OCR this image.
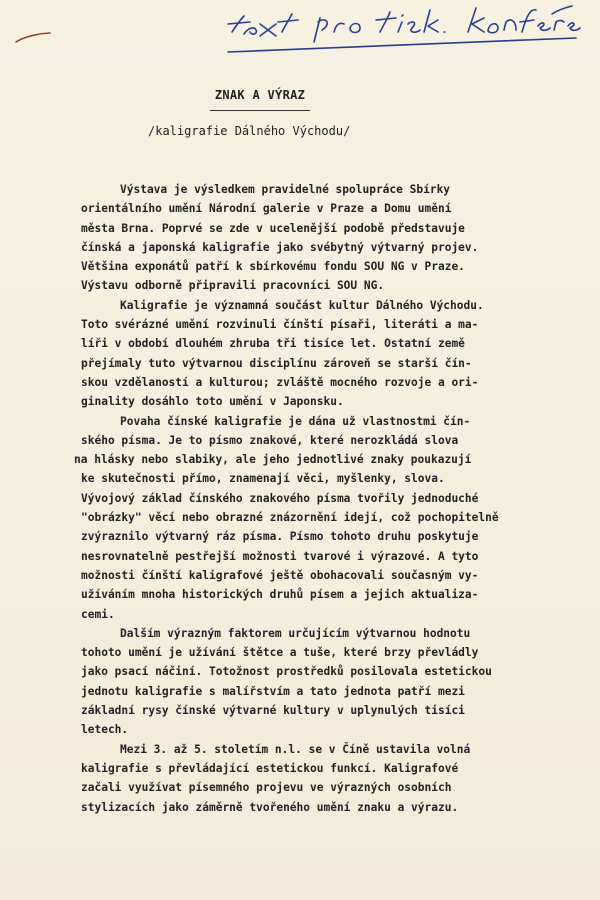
ZNAK A VÝRAZ
/kaligrafie Dálného Východu/
Výstava je výsledkem pravidelné spolupráce Sbírky
orientálního umění Národní galerie v Praze a Domu umění
města Brna. Poprvé se zde v ucelenější podobě představuje
čínská a japonská kaligrafie jako svébytný výtvarný projev.
Většina exponátů patří k sbírkovému fondu SOU NG v Praze.
Výstavu odborně připravili pracovníci SOU NG.
Kaligrafie je významná součást kultur Dálného Východu.
Toto svérázné umění rozvinuli čínští písaři, literáti a ma-
líři v období dlouhém zhruba tři tisíce let. Ostatní země
přejímaly tuto výtvarnou disciplínu zároveň se starší čín-
skou vzdělaností a kulturou; zvláště mocného rozvoje a ori-
ginality dosáhlo toto umění v Japonsku.
Povaha čínské kaligrafie je dána už vlastnostmi čín-
ského písma. Je to písmo znakové, které nerozkládá slova
na hlásky nebo slabiky, ale jeho jednotlivé znaky poukazují
ke skutečnosti přímo, znamenají věci, myšlenky, slova.
Vývojový základ čínského znakového písma tvořily jednoduché
"obrázky" věcí nebo obrazné znázornění idejí, což pochopitelně
zvýraznilo výtvarný ráz písma. Písmo tohoto druhu poskytuje
nesrovnatelně pestřejší možnosti tvarové i výrazové. A tyto
možnosti čínští kaligrafové ještě obohacovali současným vy-
užíváním mnoha historických druhů písem a jejich aktualiza-
cemi.
Dalším výrazným faktorem určujícím výtvarnou hodnotu
tohoto umění je užívání štětce a tuše, které brzy převládly
jako psací náčiní. Totožnost prostředků posilovala estetickou
jednotu kaligrafie s malířstvím a tato jednota patří mezi
základní rysy čínské výtvarné kultury v uplynulých tisíci
letech.
Mezi 3. až 5. stoletím n.l. se v Číně ustavila volná
kaligrafie s převládající estetickou funkcí. Kaligrafové
začali využívat písemného projevu ve výrazných osobních
stylizacích jako záměrně tvořeného umění znaku a výrazu.
